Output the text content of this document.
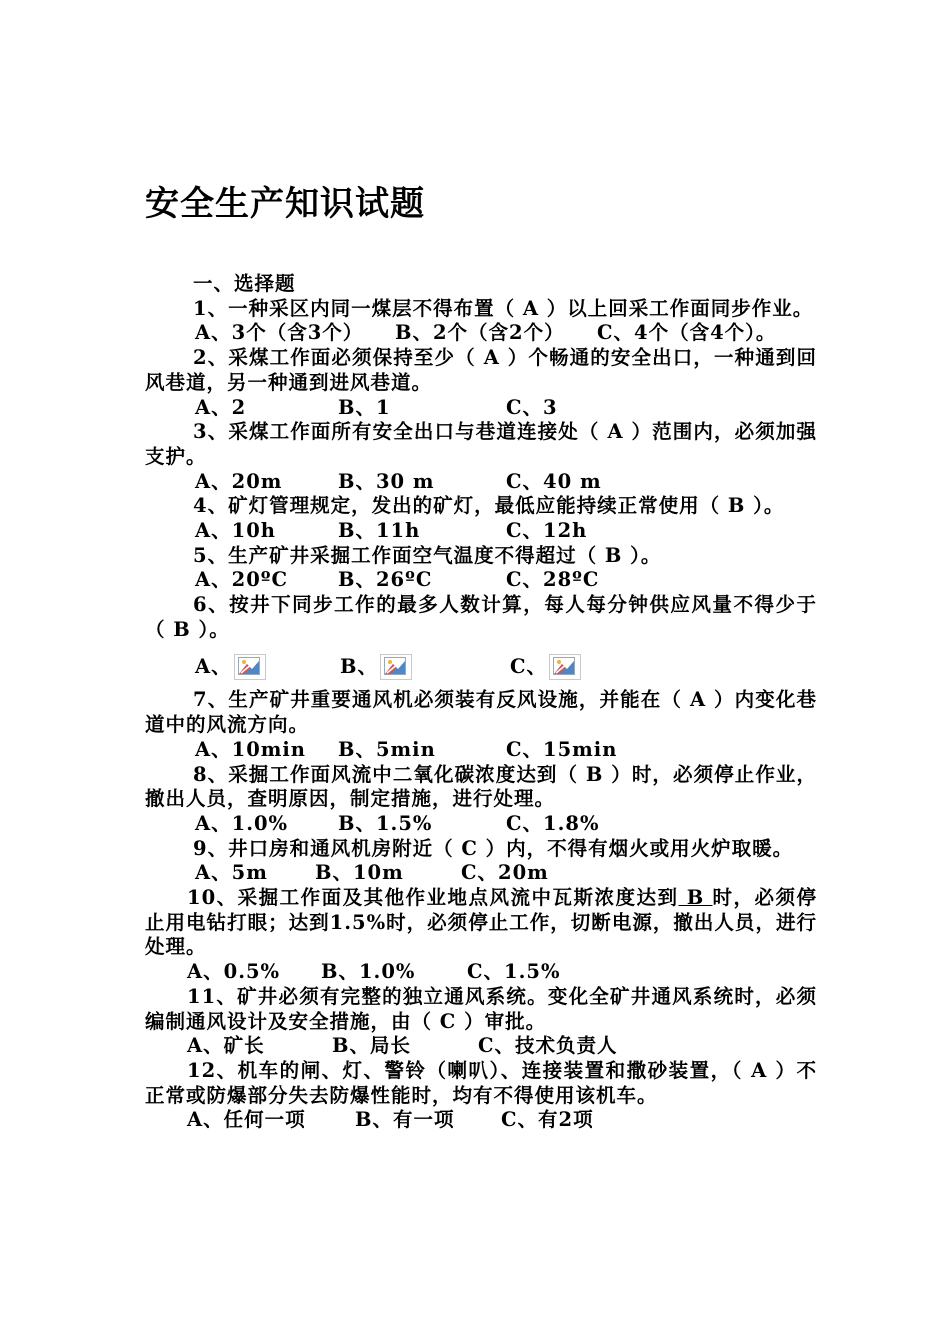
安全生产知识试题

一、选择题

1、一种采区内同一煤层不得布置（ A ）以上回采工作面同步作业。

A、3个（含3个） B、2个（含2个） C、4个（含4个）。

2、采煤工作面必须保持至少（ A ）个畅通的安全出口，一种通到回风巷道，另一种通到进风巷道。

A、2	B、1	C、3

3、采煤工作面所有安全出口与巷道连接处（ A ）范围内，必须加强支护。

A、20m	B、30 m	C、40 m

4、矿灯管理规定，发出的矿灯，最低应能持续正常使用（ B ）。

A、10h	B、11h	C、12h

5、生产矿井采掘工作面空气温度不得超过（ B ）。

A、20ºC	B、26ºC	C、28ºC

6、按井下同步工作的最多人数计算，每人每分钟供应风量不得少于（ B ）。

A、	B、	C、

7、生产矿井重要通风机必须装有反风设施，并能在（ A ）内变化巷道中的风流方向。

A、10min B、5min	C、15min

8、采掘工作面风流中二氧化碳浓度达到（ B ）时，必须停止作业，撤出人员，查明原因，制定措施，进行处理。

A、1.0%	B、1.5%	C、1.8%

9、井口房和通风机房附近（ C ）内，不得有烟火或用火炉取暖。

A、5m B、10m	C、20m

10、采掘工作面及其他作业地点风流中瓦斯浓度达到 B 时，必须停止用电钻打眼；达到1.5%时，必须停止工作，切断电源，撤出人员，进行处理。

A、0.5% B、1.0%	C、1.5%

11、矿井必须有完整的独立通风系统。变化全矿井通风系统时，必须编制通风设计及安全措施，由（ C ）审批。

A、矿长	B、局长	C、技术负责人

12、机车的闸、灯、警铃（喇叭）、连接装置和撒砂装置，（ A ）不正常或防爆部分失去防爆性能时，均有不得使用该机车。

A、任何一项	B、有一项 C、有2项
